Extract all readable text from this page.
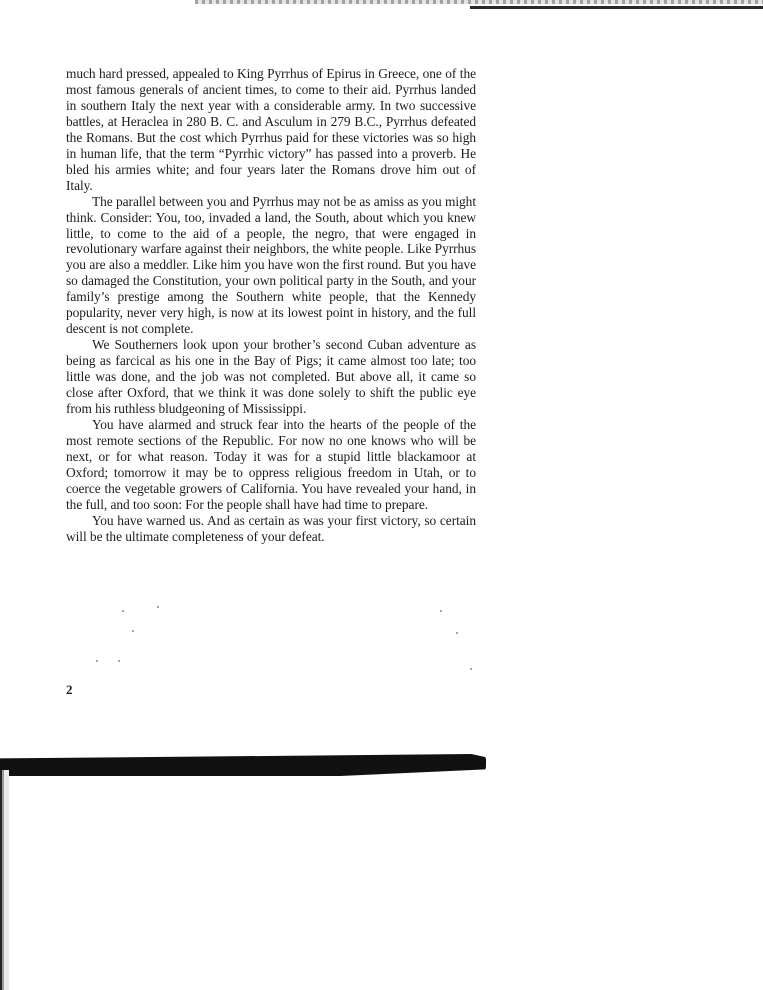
much hard pressed, appealed to King Pyrrhus of Epirus in Greece, one of the most famous generals of ancient times, to come to their aid. Pyrrhus landed in southern Italy the next year with a considerable army. In two successive battles, at Heraclea in 280 B. C. and Asculum in 279 B.C., Pyrrhus defeated the Romans. But the cost which Pyrrhus paid for these victories was so high in human life, that the term “Pyrrhic victory” has passed into a proverb. He bled his armies white; and four years later the Romans drove him out of Italy.

The parallel between you and Pyrrhus may not be as amiss as you might think. Consider: You, too, invaded a land, the South, about which you knew little, to come to the aid of a people, the negro, that were engaged in revolutionary warfare against their neighbors, the white people. Like Pyrrhus you are also a meddler. Like him you have won the first round. But you have so damaged the Constitution, your own political party in the South, and your family’s prestige among the Southern white people, that the Kennedy popularity, never very high, is now at its lowest point in history, and the full descent is not complete.

We Southerners look upon your brother’s second Cuban adventure as being as farcical as his one in the Bay of Pigs; it came almost too late; too little was done, and the job was not completed. But above all, it came so close after Oxford, that we think it was done solely to shift the public eye from his ruthless bludgeoning of Mississippi.

You have alarmed and struck fear into the hearts of the people of the most remote sections of the Republic. For now no one knows who will be next, or for what reason. Today it was for a stupid little blackamoor at Oxford; tomorrow it may be to oppress religious freedom in Utah, or to coerce the vegetable growers of California. You have revealed your hand, in the full, and too soon: For the people shall have had time to prepare.

You have warned us. And as certain as was your first victory, so certain will be the ultimate completeness of your defeat.

2
